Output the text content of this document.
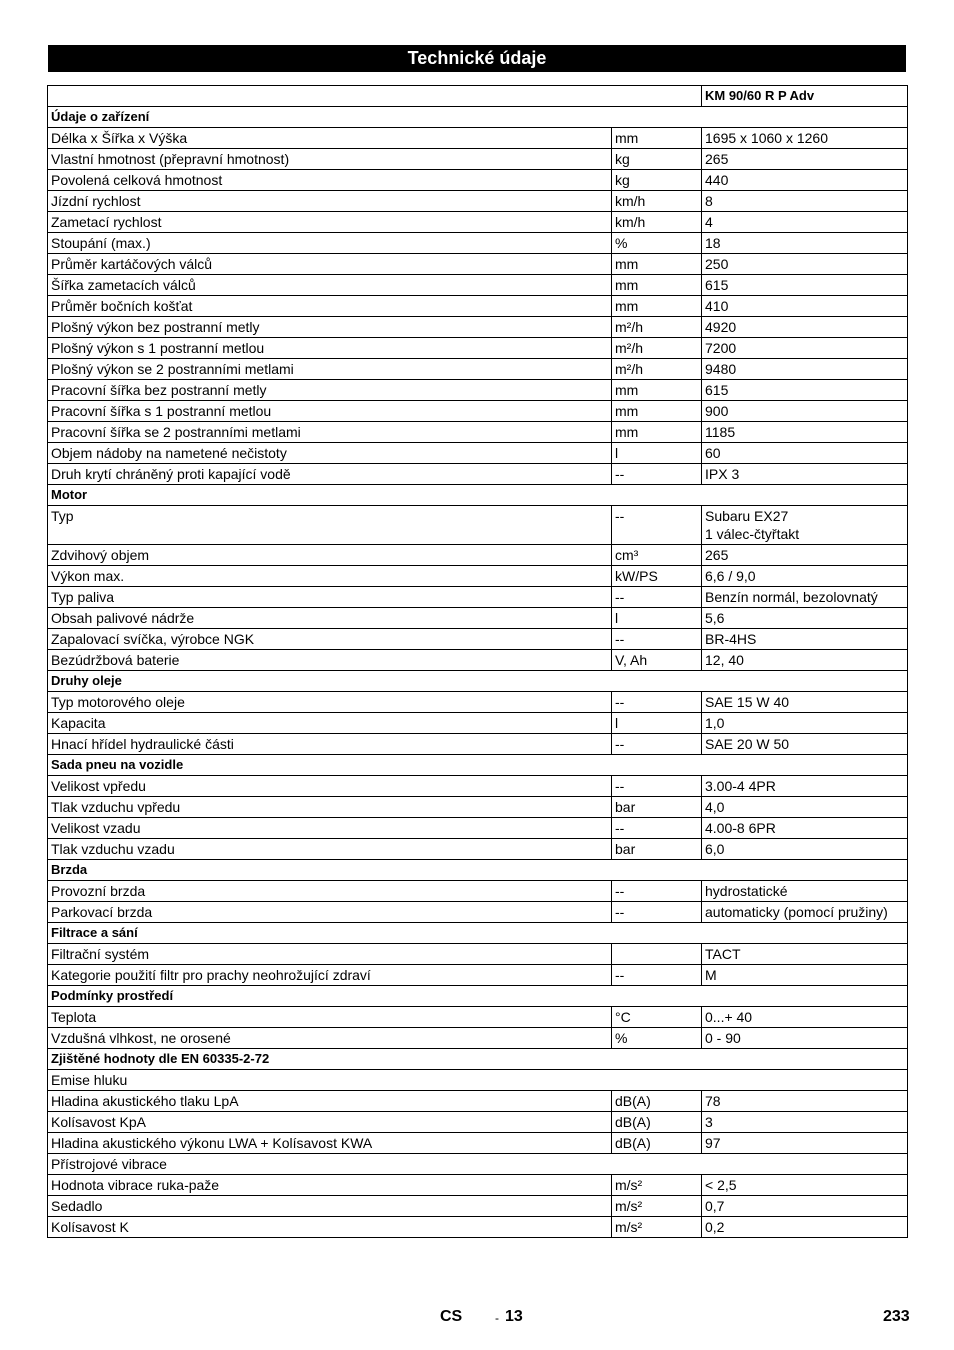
Technické údaje
		KM 90/60 R P Adv
Údaje o zařízení		
Délka x Šířka x Výška	mm	1695 x 1060 x 1260
Vlastní hmotnost (přepravní hmotnost)	kg	265
Povolená celková hmotnost	kg	440
Jízdní rychlost	km/h	8
Zametací rychlost	km/h	4
Stoupání (max.)	%	18
Průměr kartáčových válců	mm	250
Šířka zametacích válců	mm	615
Průměr bočních košťat	mm	410
Plošný výkon bez postranní metly	m²/h	4920
Plošný výkon s 1 postranní metlou	m²/h	7200
Plošný výkon se 2 postranními metlami	m²/h	9480
Pracovní šířka bez postranní metly	mm	615
Pracovní šířka s 1 postranní metlou	mm	900
Pracovní šířka se 2 postranními metlami	mm	1185
Objem nádoby na nametené nečistoty	l	60
Druh krytí chráněný proti kapající vodě	--	IPX 3
Motor		
Typ	--	Subaru EX27
1 válec-čtyřtakt
Zdvihový objem	cm³	265
Výkon max.	kW/PS	6,6 / 9,0
Typ paliva	--	Benzín normál, bezolovnatý
Obsah palivové nádrže	l	5,6
Zapalovací svíčka, výrobce NGK	--	BR-4HS
Bezúdržbová baterie	V, Ah	12, 40
Druhy oleje		
Typ motorového oleje	--	SAE 15 W 40
Kapacita	l	1,0
Hnací hřídel hydraulické části	--	SAE 20 W 50
Sada pneu na vozidle		
Velikost vpředu	--	3.00-4 4PR
Tlak vzduchu vpředu	bar	4,0
Velikost vzadu	--	4.00-8 6PR
Tlak vzduchu vzadu	bar	6,0
Brzda		
Provozní brzda	--	hydrostatické
Parkovací brzda	--	automaticky (pomocí pružiny)
Filtrace a sání		
Filtrační systém		TACT
Kategorie použití filtr pro prachy neohrožující zdraví	--	M
Podmínky prostředí		
Teplota	°C	0...+ 40
Vzdušná vlhkost, ne orosené	%	0 - 90
Zjištěné hodnoty dle EN 60335-2-72		
Emise hluku		
Hladina akustického tlaku LpA	dB(A)	78
Kolísavost KpA	dB(A)	3
Hladina akustického výkonu LWA + Kolísavost KWA	dB(A)	97
Přístrojové vibrace		
Hodnota vibrace ruka-paže	m/s²	< 2,5
Sedadlo	m/s²	0,7
Kolísavost K	m/s²	0,2
CS	- 13	233
